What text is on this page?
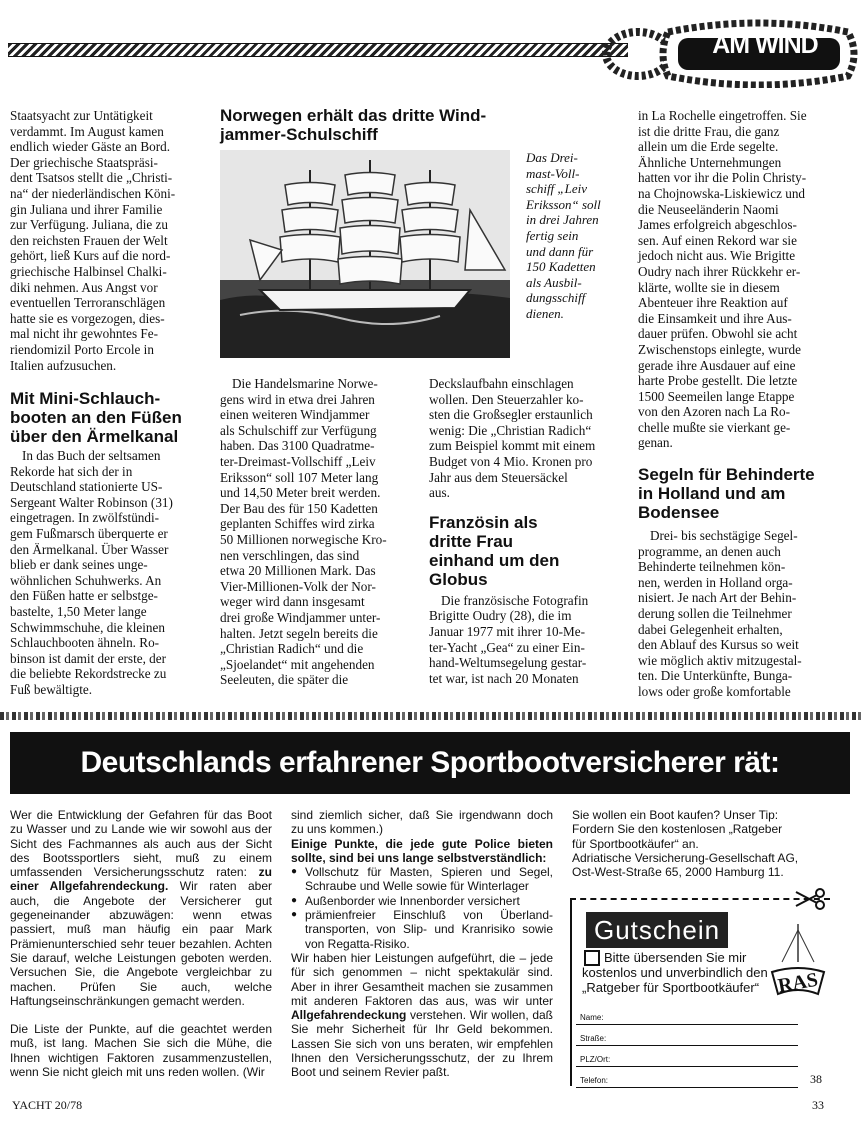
AM WIND

Staatsyacht zur Untätigkeit

verdammt. Im August kamen

endlich wieder Gäste an Bord.

Der griechische Staatspräsi-

dent Tsatsos stellt die „Christi-

na“ der niederländischen Köni-

gin Juliana und ihrer Familie

zur Verfügung. Juliana, die zu

den reichsten Frauen der Welt

gehört, ließ Kurs auf die nord-

griechische Halbinsel Chalki-

diki nehmen. Aus Angst vor

eventuellen Terroranschlägen

hatte sie es vorgezogen, dies-

mal nicht ihr gewohntes Fe-

riendomizil Porto Ercole in

Italien aufzusuchen.

Mit Mini-Schlauch-
booten an den Füßen
über den Ärmelkanal

In das Buch der seltsamen

Rekorde hat sich der in

Deutschland stationierte US-

Sergeant Walter Robinson (31)

eingetragen. In zwölfstündi-

gem Fußmarsch überquerte er

den Ärmelkanal. Über Wasser

blieb er dank seines unge-

wöhnlichen Schuhwerks. An

den Füßen hatte er selbstge-

bastelte, 1,50 Meter lange

Schwimmschuhe, die kleinen

Schlauchbooten ähneln. Ro-

binson ist damit der erste, der

die beliebte Rekordstrecke zu

Fuß bewältigte.

Norwegen erhält das dritte Wind-
jammer-Schulschiff
Das Drei-
mast-Voll-
schiff „Leiv
Eriksson“ soll
in drei Jahren
fertig sein
und dann für
150 Kadetten
als Ausbil-
dungsschiff
dienen.

Die Handelsmarine Norwe-

gens wird in etwa drei Jahren

einen weiteren Windjammer

als Schulschiff zur Verfügung

haben. Das 3100 Quadratme-

ter-Dreimast-Vollschiff „Leiv

Eriksson“ soll 107 Meter lang

und 14,50 Meter breit werden.

Der Bau des für 150 Kadetten

geplanten Schiffes wird zirka

50 Millionen norwegische Kro-

nen verschlingen, das sind

etwa 20 Millionen Mark. Das

Vier-Millionen-Volk der Nor-

weger wird dann insgesamt

drei große Windjammer unter-

halten. Jetzt segeln bereits die

„Christian Radich“ und die

„Sjoelandet“ mit angehenden

Seeleuten, die später die

Deckslaufbahn einschlagen

wollen. Den Steuerzahler ko-

sten die Großsegler erstaunlich

wenig: Die „Christian Radich“

zum Beispiel kommt mit einem

Budget von 4 Mio. Kronen pro

Jahr aus dem Steuersäckel

aus.

Französin als
dritte Frau
einhand um den
Globus

Die französische Fotografin

Brigitte Oudry (28), die im

Januar 1977 mit ihrer 10-Me-

ter-Yacht „Gea“ zu einer Ein-

hand-Weltumsegelung gestar-

tet war, ist nach 20 Monaten

in La Rochelle eingetroffen. Sie

ist die dritte Frau, die ganz

allein um die Erde segelte.

Ähnliche Unternehmungen

hatten vor ihr die Polin Christy-

na Chojnowska-Liskiewicz und

die Neuseeländerin Naomi

James erfolgreich abgeschlos-

sen. Auf einen Rekord war sie

jedoch nicht aus. Wie Brigitte

Oudry nach ihrer Rückkehr er-

klärte, wollte sie in diesem

Abenteuer ihre Reaktion auf

die Einsamkeit und ihre Aus-

dauer prüfen. Obwohl sie acht

Zwischenstops einlegte, wurde

gerade ihre Ausdauer auf eine

harte Probe gestellt. Die letzte

1500 Seemeilen lange Etappe

von den Azoren nach La Ro-

chelle mußte sie vierkant ge-

genan.

Segeln für Behinderte
in Holland und am
Bodensee

Drei- bis sechstägige Segel-

programme, an denen auch

Behinderte teilnehmen kön-

nen, werden in Holland orga-

nisiert. Je nach Art der Behin-

derung sollen die Teilnehmer

dabei Gelegenheit erhalten,

den Ablauf des Kursus so weit

wie möglich aktiv mitzugestal-

ten. Die Unterkünfte, Bunga-

lows oder große komfortable

Deutschlands erfahrener Sportbootversicherer rät:

Wer die Entwicklung der Gefahren für das Boot zu Wasser und zu Lande wie wir sowohl aus der Sicht des Fachmannes als auch aus der Sicht des Bootssportlers sieht, muß zu einem umfassenden Versicherungsschutz raten: zu einer Allgefahrendeckung. Wir raten aber auch, die Angebote der Versicherer gut gegeneinander abzuwägen: wenn etwas passiert, muß man häufig ein paar Mark Prämienunterschied sehr teuer bezahlen. Achten Sie darauf, welche Leistungen geboten werden. Versuchen Sie, die Angebote vergleichbar zu machen. Prüfen Sie auch, welche Haftungseinschränkungen gemacht werden.

Die Liste der Punkte, auf die geachtet werden muß, ist lang. Machen Sie sich die Mühe, die Ihnen wichtigen Faktoren zusammenzustellen, wenn Sie nicht gleich mit uns reden wollen. (Wir

sind ziemlich sicher, daß Sie irgendwann doch zu uns kommen.)

Einige Punkte, die jede gute Police bieten sollte, sind bei uns lange selbstverständlich:

● Vollschutz für Masten, Spieren und Segel, Schraube und Welle sowie für Winterlager
● Außenborder wie Innenborder versichert
● prämienfreier Einschluß von Überland-transporten, von Slip- und Kranrisiko sowie von Regatta-Risiko.

Wir haben hier Leistungen aufgeführt, die – jede für sich genommen – nicht spektakulär sind. Aber in ihrer Gesamtheit machen sie zusammen mit anderen Faktoren das aus, was wir unter Allgefahrendeckung verstehen. Wir wollen, daß Sie mehr Sicherheit für Ihr Geld bekommen. Lassen Sie sich von uns beraten, wir empfehlen Ihnen den Versicherungsschutz, der zu Ihrem Boot und seinem Revier paßt.

Sie wollen ein Boot kaufen? Unser Tip:

Fordern Sie den kostenlosen „Ratgeber

für Sportbootkäufer“ an.

Adriatische Versicherung-Gesellschaft AG,

Ost-West-Straße 65, 2000 Hamburg 11.

Gutschein
Bitte übersenden Sie mir
kostenlos und unverbindlich den
„Ratgeber für Sportbootkäufer“ RAS
Name:
Straße:
PLZ/Ort:
Telefon:	38
YACHT 20/78	33
